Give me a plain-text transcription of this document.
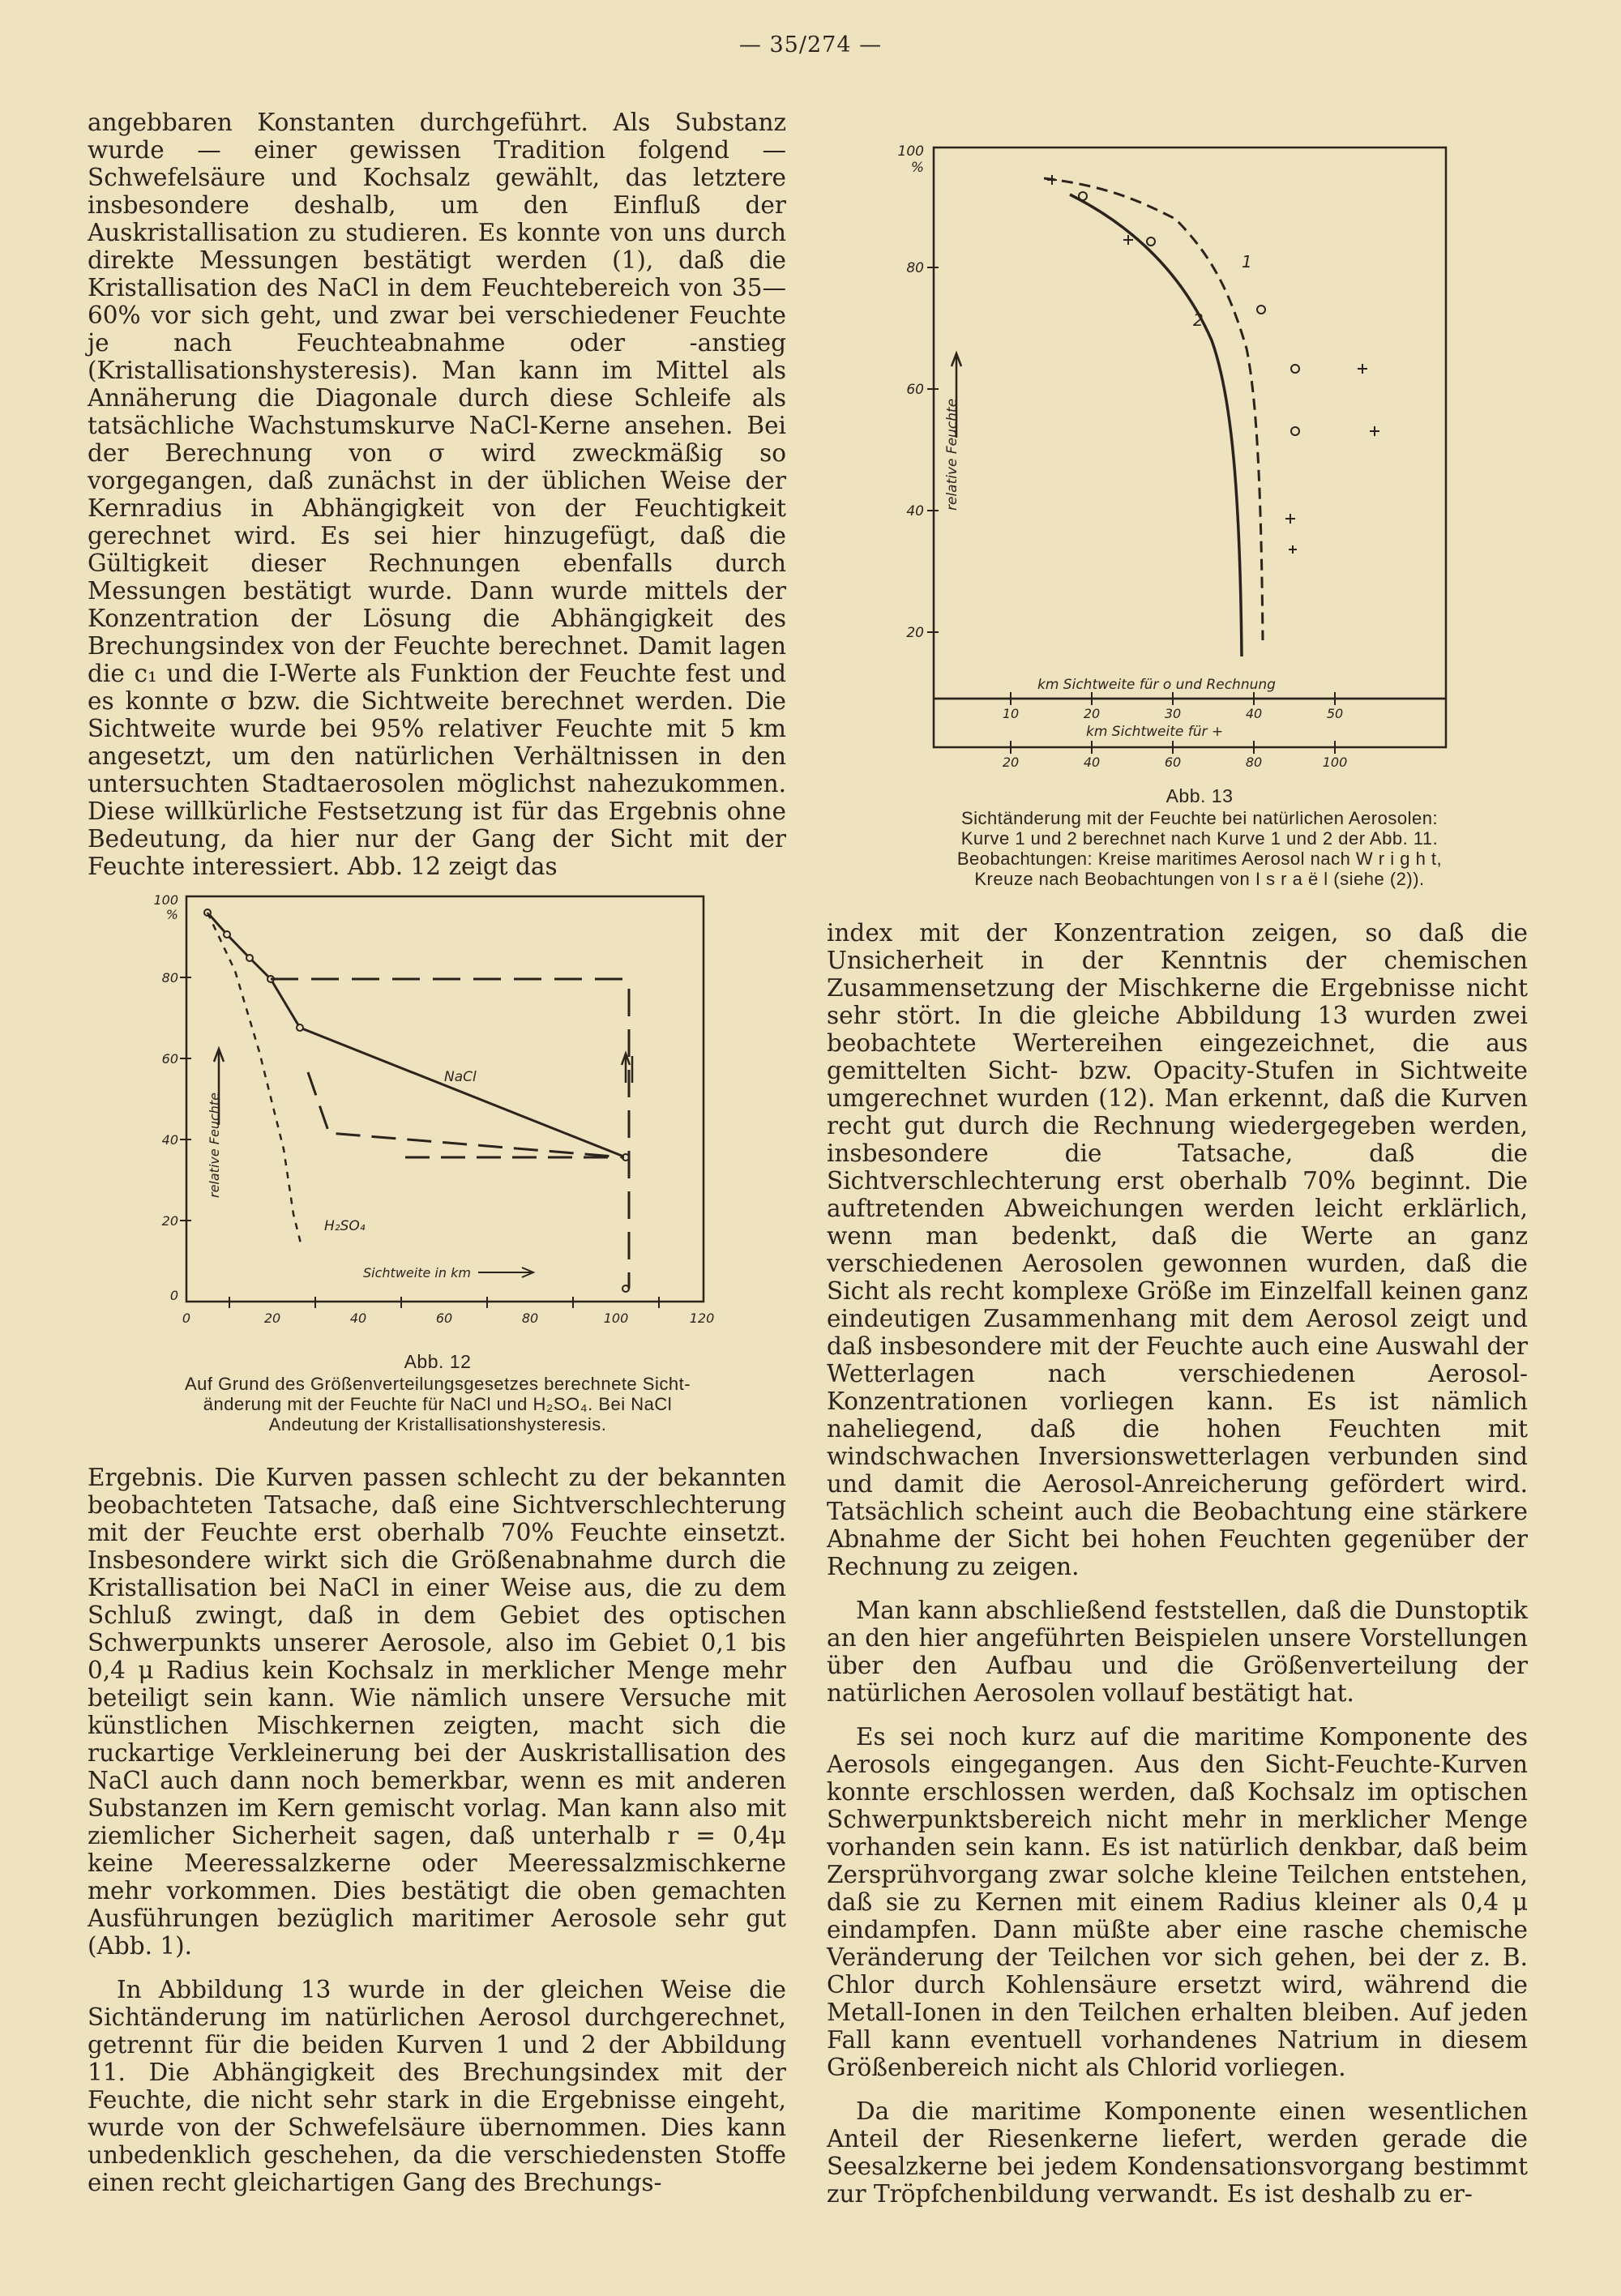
— 35/274 —

angebbaren Konstanten durchgeführt. Als Substanz wurde — einer gewissen Tradition folgend — Schwefelsäure und Kochsalz gewählt, das letztere insbesondere deshalb, um den Einfluß der Auskristallisation zu studieren. Es konnte von uns durch direkte Messungen bestätigt werden (1), daß die Kristallisation des NaCl in dem Feuchtebereich von 35—60% vor sich geht, und zwar bei verschiedener Feuchte je nach Feuchteabnahme oder -anstieg (Kristallisationshysteresis). Man kann im Mittel als Annäherung die Diagonale durch diese Schleife als tatsächliche Wachstumskurve NaCl-Kerne ansehen. Bei der Berechnung von σ wird zweckmäßig so vorgegangen, daß zunächst in der üblichen Weise der Kernradius in Abhängigkeit von der Feuchtigkeit gerechnet wird. Es sei hier hinzugefügt, daß die Gültigkeit dieser Rechnungen ebenfalls durch Messungen bestätigt wurde. Dann wurde mittels der Konzentration der Lösung die Abhängigkeit des Brechungsindex von der Feuchte berechnet. Damit lagen die c₁ und die I-Werte als Funktion der Feuchte fest und es konnte σ bzw. die Sichtweite berechnet werden. Die Sichtweite wurde bei 95% relativer Feuchte mit 5 km angesetzt, um den natürlichen Verhältnissen in den untersuchten Stadtaerosolen möglichst nahezukommen. Diese willkürliche Festsetzung ist für das Ergebnis ohne Bedeutung, da hier nur der Gang der Sicht mit der Feuchte interessiert. Abb. 12 zeigt das

100
%
80
60
40
20
relative Feuchte
1
2
km Sichtweite für o und Rechnung
10	20	30	40	50
20	40	60	80	100
km Sichtweite für +
Abb. 13
Sichtänderung mit der Feuchte bei natürlichen Aerosolen:
Kurve 1 und 2 berechnet nach Kurve 1 und 2 der Abb. 11.
Beobachtungen: Kreise maritimes Aerosol nach W r i g h t,
Kreuze nach Beobachtungen von I s r a ë l (siehe (2)).
100
%
80
60
40
20
0
0	20	40	60	80	100	120
relative Feuchte
NaCl
H₂SO₄
Sichtweite in km
Abb. 12
Auf Grund des Größenverteilungsgesetzes berechnete Sicht-
änderung mit der Feuchte für NaCl und H₂SO₄. Bei NaCl
Andeutung der Kristallisationshysteresis.

Ergebnis. Die Kurven passen schlecht zu der bekannten beobachteten Tatsache, daß eine Sichtverschlechterung mit der Feuchte erst oberhalb 70% Feuchte einsetzt. Insbesondere wirkt sich die Größenabnahme durch die Kristallisation bei NaCl in einer Weise aus, die zu dem Schluß zwingt, daß in dem Gebiet des optischen Schwerpunkts unserer Aerosole, also im Gebiet 0,1 bis 0,4 μ Radius kein Kochsalz in merklicher Menge mehr beteiligt sein kann. Wie nämlich unsere Versuche mit künstlichen Mischkernen zeigten, macht sich die ruckartige Verkleinerung bei der Auskristallisation des NaCl auch dann noch bemerkbar, wenn es mit anderen Substanzen im Kern gemischt vorlag. Man kann also mit ziemlicher Sicherheit sagen, daß unterhalb r = 0,4μ keine Meeressalzkerne oder Meeressalzmischkerne mehr vorkommen. Dies bestätigt die oben gemachten Ausführungen bezüglich maritimer Aerosole sehr gut (Abb. 1).

In Abbildung 13 wurde in der gleichen Weise die Sichtänderung im natürlichen Aerosol durchgerechnet, getrennt für die beiden Kurven 1 und 2 der Abbildung 11. Die Abhängigkeit des Brechungsindex mit der Feuchte, die nicht sehr stark in die Ergebnisse eingeht, wurde von der Schwefelsäure übernommen. Dies kann unbedenklich geschehen, da die verschiedensten Stoffe einen recht gleichartigen Gang des Brechungs-

index mit der Konzentration zeigen, so daß die Unsicherheit in der Kenntnis der chemischen Zusammensetzung der Mischkerne die Ergebnisse nicht sehr stört. In die gleiche Abbildung 13 wurden zwei beobachtete Wertereihen eingezeichnet, die aus gemittelten Sicht- bzw. Opacity-Stufen in Sichtweite umgerechnet wurden (12). Man erkennt, daß die Kurven recht gut durch die Rechnung wiedergegeben werden, insbesondere die Tatsache, daß die Sichtverschlechterung erst oberhalb 70% beginnt. Die auftretenden Abweichungen werden leicht erklärlich, wenn man bedenkt, daß die Werte an ganz verschiedenen Aerosolen gewonnen wurden, daß die Sicht als recht komplexe Größe im Einzelfall keinen ganz eindeutigen Zusammenhang mit dem Aerosol zeigt und daß insbesondere mit der Feuchte auch eine Auswahl der Wetterlagen nach verschiedenen Aerosol-Konzentrationen vorliegen kann. Es ist nämlich naheliegend, daß die hohen Feuchten mit windschwachen Inversionswetterlagen verbunden sind und damit die Aerosol-Anreicherung gefördert wird. Tatsächlich scheint auch die Beobachtung eine stärkere Abnahme der Sicht bei hohen Feuchten gegenüber der Rechnung zu zeigen.

Man kann abschließend feststellen, daß die Dunstoptik an den hier angeführten Beispielen unsere Vorstellungen über den Aufbau und die Größenverteilung der natürlichen Aerosolen vollauf bestätigt hat.

Es sei noch kurz auf die maritime Komponente des Aerosols eingegangen. Aus den Sicht-Feuchte-Kurven konnte erschlossen werden, daß Kochsalz im optischen Schwerpunktsbereich nicht mehr in merklicher Menge vorhanden sein kann. Es ist natürlich denkbar, daß beim Zersprühvorgang zwar solche kleine Teilchen entstehen, daß sie zu Kernen mit einem Radius kleiner als 0,4 μ eindampfen. Dann müßte aber eine rasche chemische Veränderung der Teilchen vor sich gehen, bei der z. B. Chlor durch Kohlensäure ersetzt wird, während die Metall-Ionen in den Teilchen erhalten bleiben. Auf jeden Fall kann eventuell vorhandenes Natrium in diesem Größenbereich nicht als Chlorid vorliegen.

Da die maritime Komponente einen wesentlichen Anteil der Riesenkerne liefert, werden gerade die Seesalzkerne bei jedem Kondensationsvorgang bestimmt zur Tröpfchenbildung verwandt. Es ist deshalb zu er-
